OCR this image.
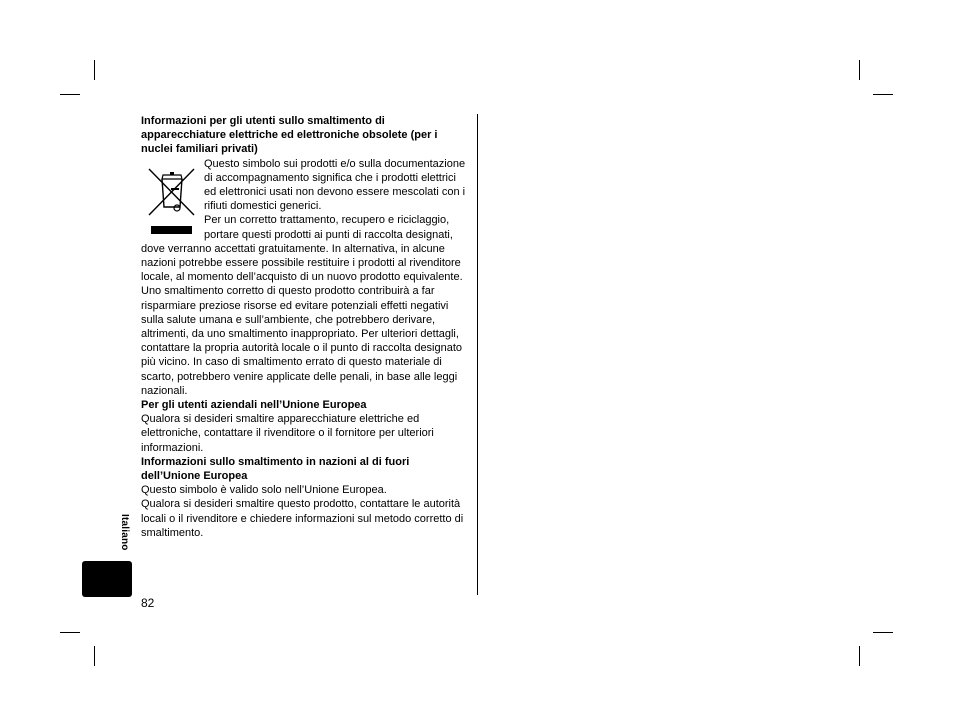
Informazioni per gli utenti sullo smaltimento di apparecchiature elettriche ed elettroniche obsolete (per i nuclei familiari privati)

Questo simbolo sui prodotti e/o sulla documentazione di accompagnamento significa che i prodotti elettrici ed elettronici usati non devono essere mescolati con i rifiuti domestici generici.

Per un corretto trattamento, recupero e riciclaggio, portare questi prodotti ai punti di raccolta designati, dove verranno accettati gratuitamente. In alternativa, in alcune nazioni potrebbe essere possibile restituire i prodotti al rivenditore locale, al momento dell’acquisto di un nuovo prodotto equivalente.

Uno smaltimento corretto di questo prodotto contribuirà a far risparmiare preziose risorse ed evitare potenziali effetti negativi sulla salute umana e sull’ambiente, che potrebbero derivare, altrimenti, da uno smaltimento inappropriato. Per ulteriori dettagli, contattare la propria autorità locale o il punto di raccolta designato più vicino. In caso di smaltimento errato di questo materiale di scarto, potrebbero venire applicate delle penali, in base alle leggi nazionali.

Per gli utenti aziendali nell’Unione Europea

Qualora si desideri smaltire apparecchiature elettriche ed elettroniche, contattare il rivenditore o il fornitore per ulteriori informazioni.

Informazioni sullo smaltimento in nazioni al di fuori dell’Unione Europea

Questo simbolo è valido solo nell’Unione Europea.

Qualora si desideri smaltire questo prodotto, contattare le autorità locali o il rivenditore e chiedere informazioni sul metodo corretto di smaltimento.

Italiano
82
